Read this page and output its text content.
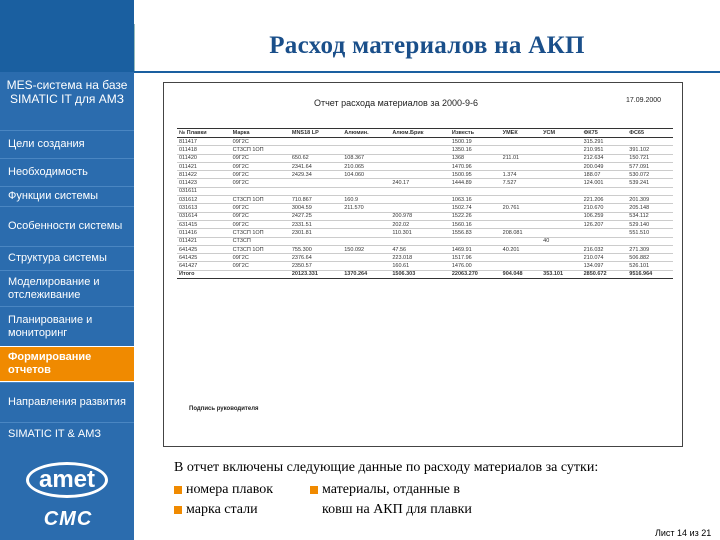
Расход материалов на АКП
MES-система на базе SIMATIC IT для АМЗ
Цели создания
Необходимость
Функции системы
Особенности системы
Структура системы
Моделирование и отслеживание
Планирование и мониторинг
Формирование отчетов
Направления развития
SIMATIC IT & АМЗ
amet
CMC
Отчет расхода материалов за 2000-9-6	17.09.2000
№ Плавки	Марка	MNS18 LP	Алюмин.	Алюм.Брик	Известь	УМЕК	УСМ	ФК75	ФС65
811417	09Г2С				1500.19			315.291	
011418	СТ3СП 1ОП				1350.16			210.951	391.102
011420	09Г2С	650.62	108.367		1368	211.01		212.634	150.721
011421	09Г2С	2341.64	210.065		1470.96			200.049	577.091
811422	09Г2С	2429.34	104.060		1500.95	1.374		188.07	530.072
011423	09Г2С			240.17	1444.89	7.527		124.001	539.241
031611									
031612	СТ3СП 1ОП	710.867	160.9		1063.16			221.206	201.309
031613	09Г2С	3004.59	211.570		1502.74	20.761		210.670	205.148
031614	09Г2С	2427.25		200.978	1522.26			106.259	534.112
631415	09Г2С	2331.51		202.02	1560.16			126.207	529.140
011416	СТ3СП 1ОП	2301.81		110.301	1556.83	208.081			551.510
011421	СТ3СП						40		
641425	СТ3СП 1ОП	755.300	150.092	47.56	1469.91	40.201		216.032	271.309
641425	09Г2С	2376.64		223.018	1517.96			210.074	506.882
641427	09Г2С	2350.57		160.61	1476.00			134.097	526.101
Итого		20123.331	1370.264	1506.303	22063.270	904.048	353.101	2850.672	9516.964
Подпись руководителя
В отчет включены следующие данные по расходу материалов за сутки:
номера плавок
марка стали
материалы, отданные в
ковш на АКП для плавки
Лист 14 из 21
